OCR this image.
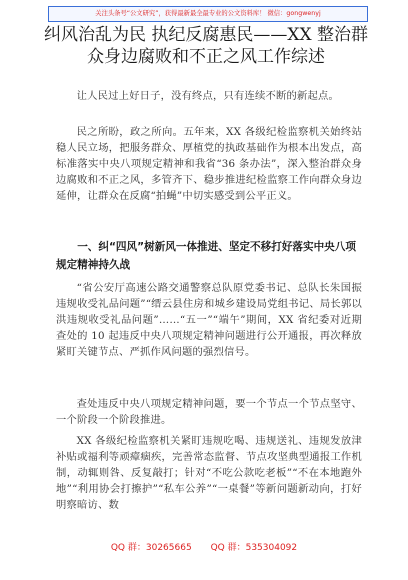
关注头条号“公文研究”，获得最新最全最专业的公文资料库！ 微信：gongwenyj
纠风治乱为民 执纪反腐惠民——XX 整治群众身边腐败和不正之风工作综述
让人民过上好日子，没有终点，只有连续不断的新起点。
民之所盼，政之所向。五年来，XX 各级纪检监察机关始终站稳人民立场，把服务群众、厚植党的执政基础作为根本出发点，高标准落实中央八项规定精神和我省“36 条办法”，深入整治群众身边腐败和不正之风，多管齐下、稳步推进纪检监察工作向群众身边延伸，让群众在反腐“拍蝇”中切实感受到公平正义。
一、纠“四风”树新风一体推进、坚定不移打好落实中央八项规定精神持久战
“省公安厅高速公路交通警察总队原党委书记、总队长朱国振违规收受礼品问题”“缙云县住房和城乡建设局党组书记、局长郭以洪违规收受礼品问题”……“五一”“端午”期间，XX 省纪委对近期查处的 10 起违反中央八项规定精神问题进行公开通报，再次释放紧盯关键节点、严抓作风问题的强烈信号。
查处违反中央八项规定精神问题，要一个节点一个节点坚守、一个阶段一个阶段推进。
XX 各级纪检监察机关紧盯违规吃喝、违规送礼、违规发放津补贴或福利等顽瘴痼疾，完善常态监督、节点攻坚典型通报工作机制，动辄则咎、反复敲打；针对“不吃公款吃老板”“不在本地跑外地”“利用协会打擦护”“私车公养”“一桌餐”等新问题新动向，打好明察暗访、数
QQ 群：30265665 QQ 群：535304092
